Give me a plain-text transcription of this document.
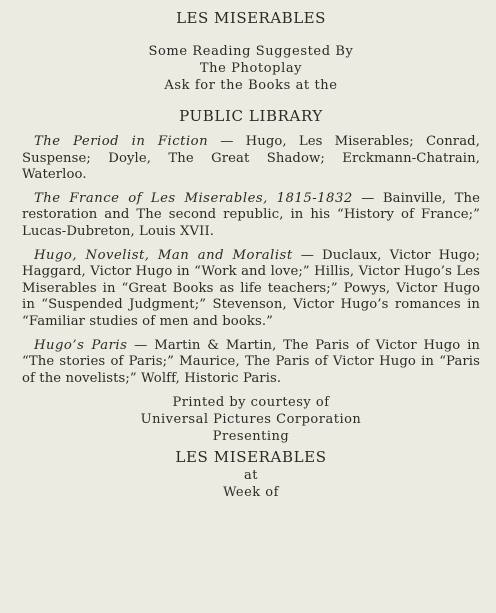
LES MISERABLES

Some Reading Suggested By

The Photoplay

Ask for the Books at the

PUBLIC LIBRARY

The Period in Fiction — Hugo, Les Miserables; Conrad, Suspense; Doyle, The Great Shadow; Erckmann-Chatrain, Waterloo.

The France of Les Miserables, 1815-1832 — Bainville, The restoration and The second republic, in his “History of France;” Lucas-Dubreton, Louis XVII.

Hugo, Novelist, Man and Moralist — Duclaux, Victor Hugo; Haggard, Victor Hugo in “Work and love;” Hillis, Victor Hugo’s Les Miserables in “Great Books as life teachers;” Powys, Victor Hugo in “Suspended Judgment;” Stevenson, Victor Hugo’s romances in “Familiar studies of men and books.”

Hugo’s Paris — Martin & Martin, The Paris of Victor Hugo in “The stories of Paris;” Maurice, The Paris of Victor Hugo in “Paris of the novelists;” Wolff, Historic Paris.

Printed by courtesy of

Universal Pictures Corporation

Presenting

LES MISERABLES

at

Week of
